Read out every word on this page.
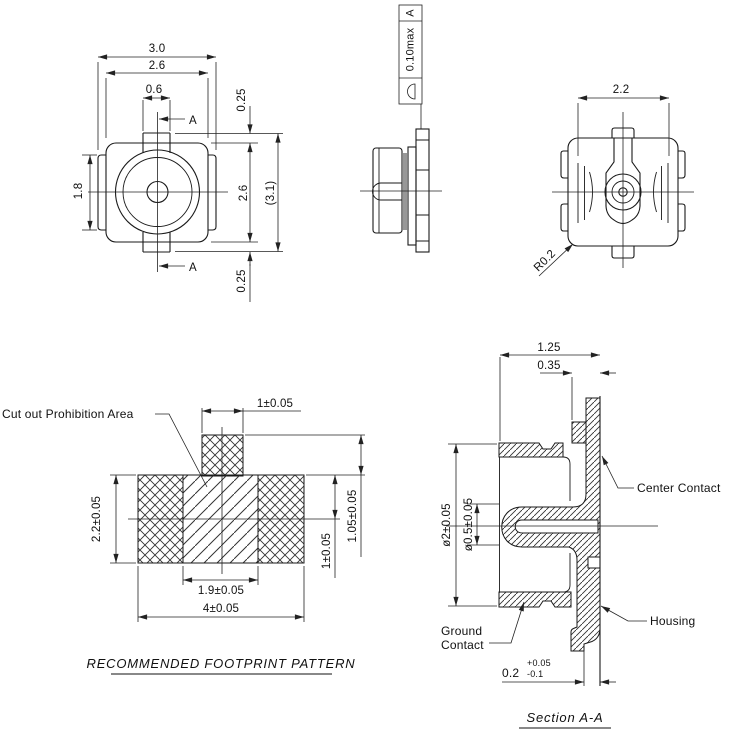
3.0
2.6
0.6
A
A
1.8
0.25
2.6 (3.1)
0.25
A
0.10max
2.2
R0.2
Cut out Prohibition Area
1±0.05
2.2±0.05
1.9±0.05
4±0.05
1±0.05
1.05±0.05
RECOMMENDED FOOTPRINT PATTERN
1.25
0.35
ø2±0.05 ø0.5±0.05
0.2
+0.05
-0.1
Center Contact
Housing
Ground
Contact
Section A-A
